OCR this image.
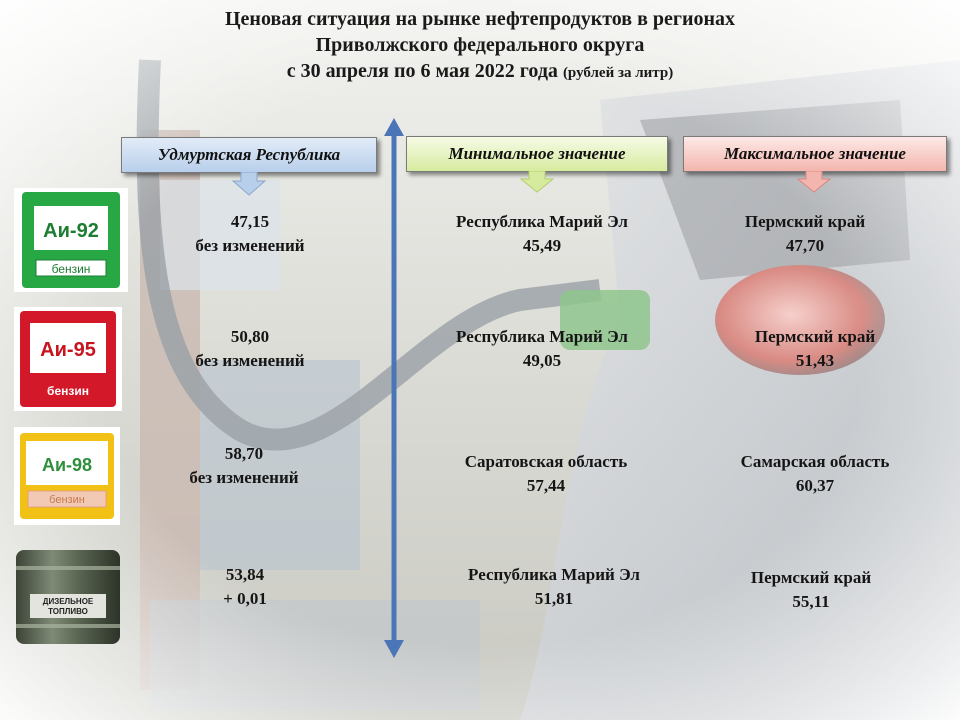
Ценовая ситуация на рынке нефтепродуктов в регионах
Приволжского федерального округа
с 30 апреля по 6 мая 2022 года (рублей за литр)
Удмуртская Республика	Минимальное значение	Максимальное значение
Аи-92
бензин
Аи-95
бензин
Аи-98
бензин
ДИЗЕЛЬНОЕ
ТОПЛИВО
47,15
без изменений
Республика Марий Эл
45,49
Пермский край
47,70
50,80
без изменений
Республика Марий Эл
49,05
Пермский край
51,43
58,70
без изменений
Саратовская область
57,44
Самарская область
60,37
53,84
+ 0,01
Республика Марий Эл
51,81
Пермский край
55,11
